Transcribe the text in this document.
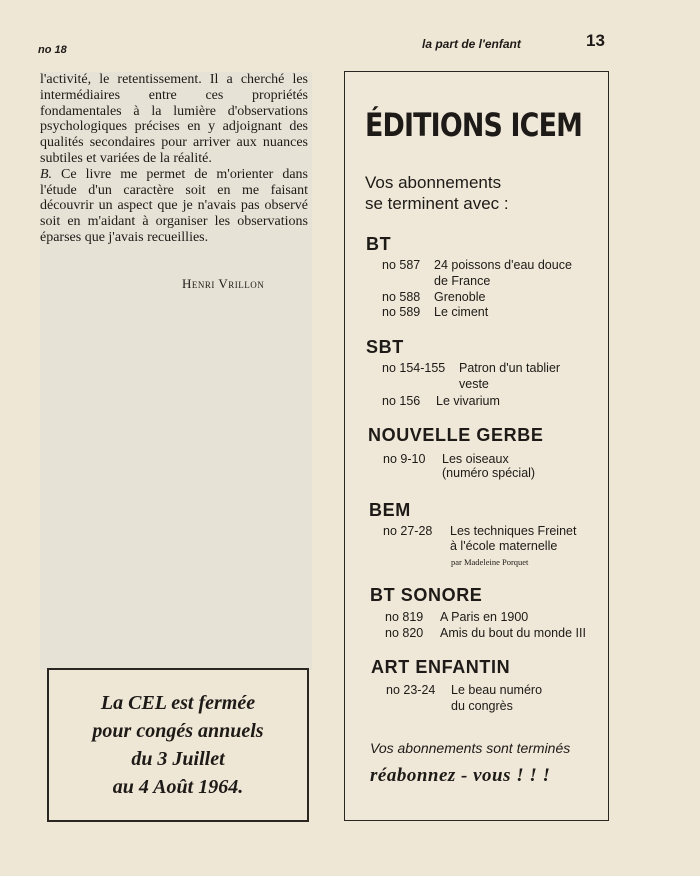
no 18	la part de l'enfant	13

l'activité, le retentissement. Il a cherché les intermédiaires entre ces propriétés fondamentales à la lumière d'observations psychologiques précises en y adjoignant des qualités secondaires pour arriver aux nuances subtiles et variées de la réalité.

B. Ce livre me permet de m'orienter dans l'étude d'un caractère soit en me faisant découvrir un aspect que je n'avais pas observé soit en m'aidant à organiser les observations éparses que j'avais recueillies.

Henri Vrillon
La CEL est fermée
pour congés annuels
du 3 Juillet
au 4 Août 1964.
ÉDITIONS ICEM
Vos abonnements
se terminent avec :
BT
no 587 24 poissons d'eau douce
de France
no 588 Grenoble
no 589 Le ciment
SBT
no 154-155 Patron d'un tablier
veste
no 156 Le vivarium
NOUVELLE GERBE
no 9-10 Les oiseaux
(numéro spécial)
BEM
no 27-28 Les techniques Freinet
à l'école maternelle
par Madeleine Porquet
BT SONORE
no 819 A Paris en 1900
no 820 Amis du bout du monde III
ART ENFANTIN
no 23-24 Le beau numéro
du congrès
Vos abonnements sont terminés
réabonnez - vous ! ! !
